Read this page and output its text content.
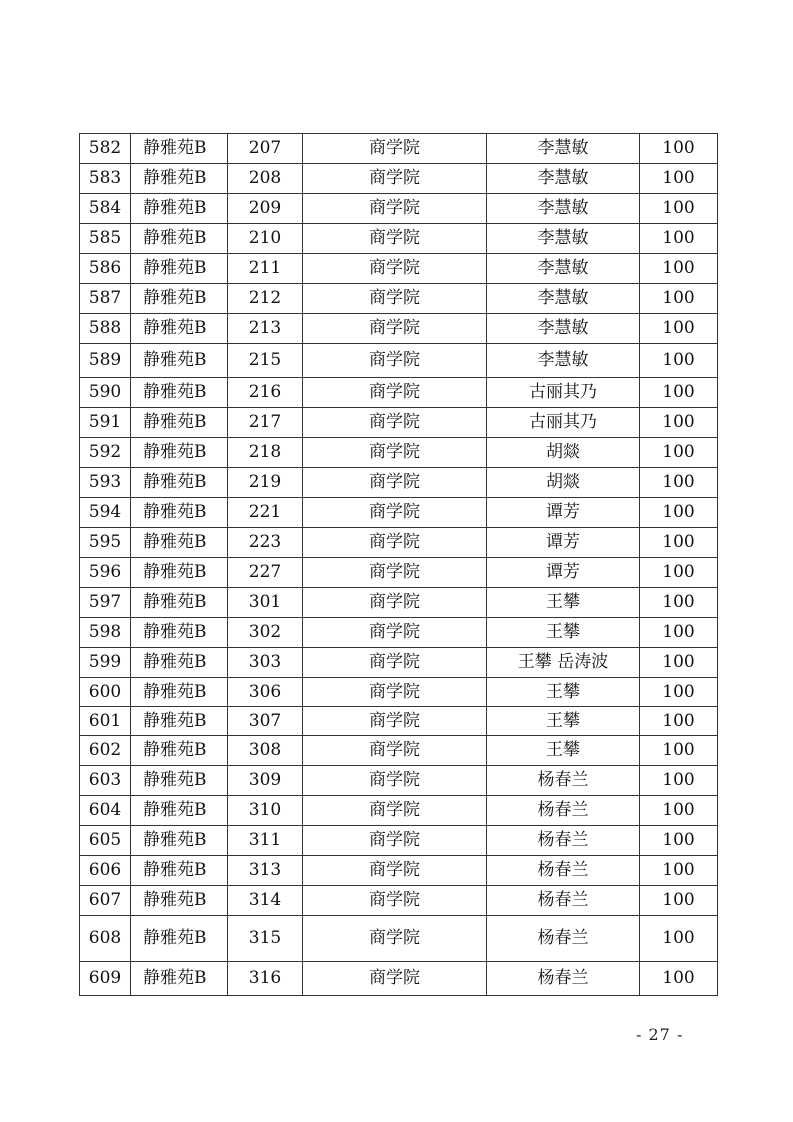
582	静雅苑B	207	商学院	李慧敏	100
583	静雅苑B	208	商学院	李慧敏	100
584	静雅苑B	209	商学院	李慧敏	100
585	静雅苑B	210	商学院	李慧敏	100
586	静雅苑B	211	商学院	李慧敏	100
587	静雅苑B	212	商学院	李慧敏	100
588	静雅苑B	213	商学院	李慧敏	100
589	静雅苑B	215	商学院	李慧敏	100
590	静雅苑B	216	商学院	古丽其乃	100
591	静雅苑B	217	商学院	古丽其乃	100
592	静雅苑B	218	商学院	胡燚	100
593	静雅苑B	219	商学院	胡燚	100
594	静雅苑B	221	商学院	谭芳	100
595	静雅苑B	223	商学院	谭芳	100
596	静雅苑B	227	商学院	谭芳	100
597	静雅苑B	301	商学院	王攀	100
598	静雅苑B	302	商学院	王攀	100
599	静雅苑B	303	商学院	王攀 岳涛波	100
600	静雅苑B	306	商学院	王攀	100
601	静雅苑B	307	商学院	王攀	100
602	静雅苑B	308	商学院	王攀	100
603	静雅苑B	309	商学院	杨春兰	100
604	静雅苑B	310	商学院	杨春兰	100
605	静雅苑B	311	商学院	杨春兰	100
606	静雅苑B	313	商学院	杨春兰	100
607	静雅苑B	314	商学院	杨春兰	100
608	静雅苑B	315	商学院	杨春兰	100
609	静雅苑B	316	商学院	杨春兰	100
- 27 -
